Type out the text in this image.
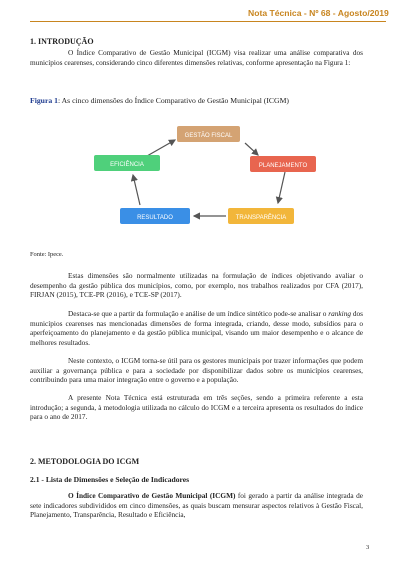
Nota Técnica - Nº 68 - Agosto/2019
1. INTRODUÇÃO
O Índice Comparativo de Gestão Municipal (ICGM) visa realizar uma análise comparativa dos municípios cearenses, considerando cinco diferentes dimensões relativas, conforme apresentação na Figura 1:
Figura 1: As cinco dimensões do Índice Comparativo de Gestão Municipal (ICGM)
GESTÃO FISCAL
PLANEJAMENTO
TRANSPARÊNCIA
RESULTADO
EFICIÊNCIA
Fonte: Ipece.
Estas dimensões são normalmente utilizadas na formulação de índices objetivando avaliar o desempenho da gestão pública dos municípios, como, por exemplo, nos trabalhos realizados por CFA (2017), FIRJAN (2015), TCE-PR (2016), e TCE-SP (2017).
Destaca-se que a partir da formulação e análise de um índice sintético pode-se analisar o ranking dos municípios cearenses nas mencionadas dimensões de forma integrada, criando, desse modo, subsídios para o aperfeiçoamento do planejamento e da gestão pública municipal, visando um maior desempenho e o alcance de melhores resultados.
Neste contexto, o ICGM torna-se útil para os gestores municipais por trazer informações que podem auxiliar a governança pública e para a sociedade por disponibilizar dados sobre os municípios cearenses, contribuindo para uma maior integração entre o governo e a população.
A presente Nota Técnica está estruturada em três seções, sendo a primeira referente a esta introdução; a segunda, à metodologia utilizada no cálculo do ICGM e a terceira apresenta os resultados do índice para o ano de 2017.
2. METODOLOGIA DO ICGM
2.1 - Lista de Dimensões e Seleção de Indicadores
O Índice Comparativo de Gestão Municipal (ICGM) foi gerado a partir da análise integrada de sete indicadores subdivididos em cinco dimensões, as quais buscam mensurar aspectos relativos à Gestão Fiscal, Planejamento, Transparência, Resultado e Eficiência,
3
